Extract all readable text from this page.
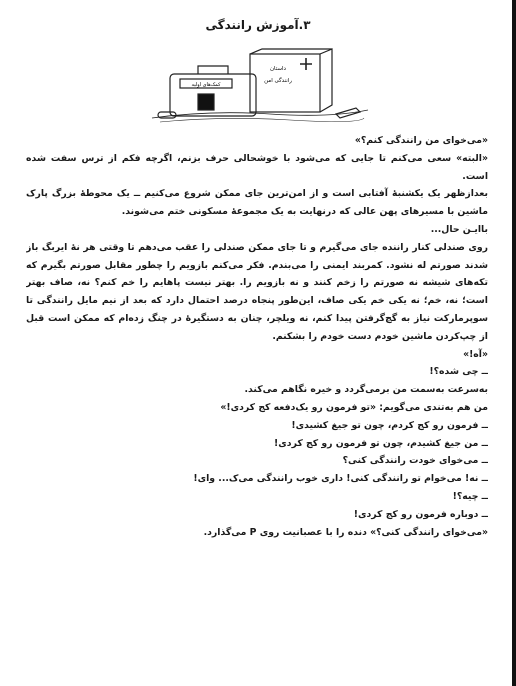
۳.آموزش رانندگی
کمک‌های اولیه
داستان
رانندگی امن

«می‌خوای من رانندگی کنم؟»

«البته» سعی می‌کنم تا جایی که می‌شود با خوشحالی حرف بزنم، اگرچه فکم از ترس سفت شده است.

بعدازظهر یک یکشنبهٔ آفتابی است و از امن‌ترین جای ممکن شروع می‌کنیم ــ یک محوطهٔ بزرگ پارک ماشین با مسیرهای پهن عالی که درنهایت به یک مجموعهٔ مسکونی ختم می‌شوند.

باایـن حال...

روی صندلی کنار راننده جای می‌گیرم و تا جای ممکن صندلی را عقب می‌دهم تا وقتی هر نهٔ ایربگ باز شدند صورتم له نشود. کمربند ایمنی را می‌بندم. فکر می‌کنم بازویم را چطور مقابل صورتم بگیرم که تکه‌های شیشه نه صورتم را زخم کنند و نه بازویم را. بهتر نیست پاهایم را خم کنم؟ نه، صاف بهتر است؛ نه، خم؛ نه یکی خم یکی صاف، این‌طور پنجاه درصد احتمال دارد که بعد از نیم مایل رانندگی تا سوپرمارکت نیاز به گچ‌گرفتن پیدا کنم، نه ویلچر، چنان به دستگیرهٔ در چنگ زده‌ام که ممکن است قبل از چپ‌کردن ماشین خودم دست خودم را بشکنم.

«آه!»

ــ چی شده؟!

به‌سرعت به‌سمت من برمی‌گردد و خیره نگاهم می‌کند.

من هم به‌تندی می‌گویم: «تو فرمون رو یک‌دفعه کج کردی!»

ــ فرمون رو کج کردم، چون تو جیغ کشیدی!

ــ من جیغ کشیدم، چون تو فرمون رو کج کردی!

ــ می‌خوای خودت رانندگی کنی؟

ــ نه! می‌خوام تو رانندگی کنی! داری خوب رانندگی می‌ک... وای!

ــ چیه؟!

ــ دوباره فرمون رو کج کردی!

«می‌خوای رانندگی کنی؟» دنده را با عصبانیت روی P می‌گذارد.
